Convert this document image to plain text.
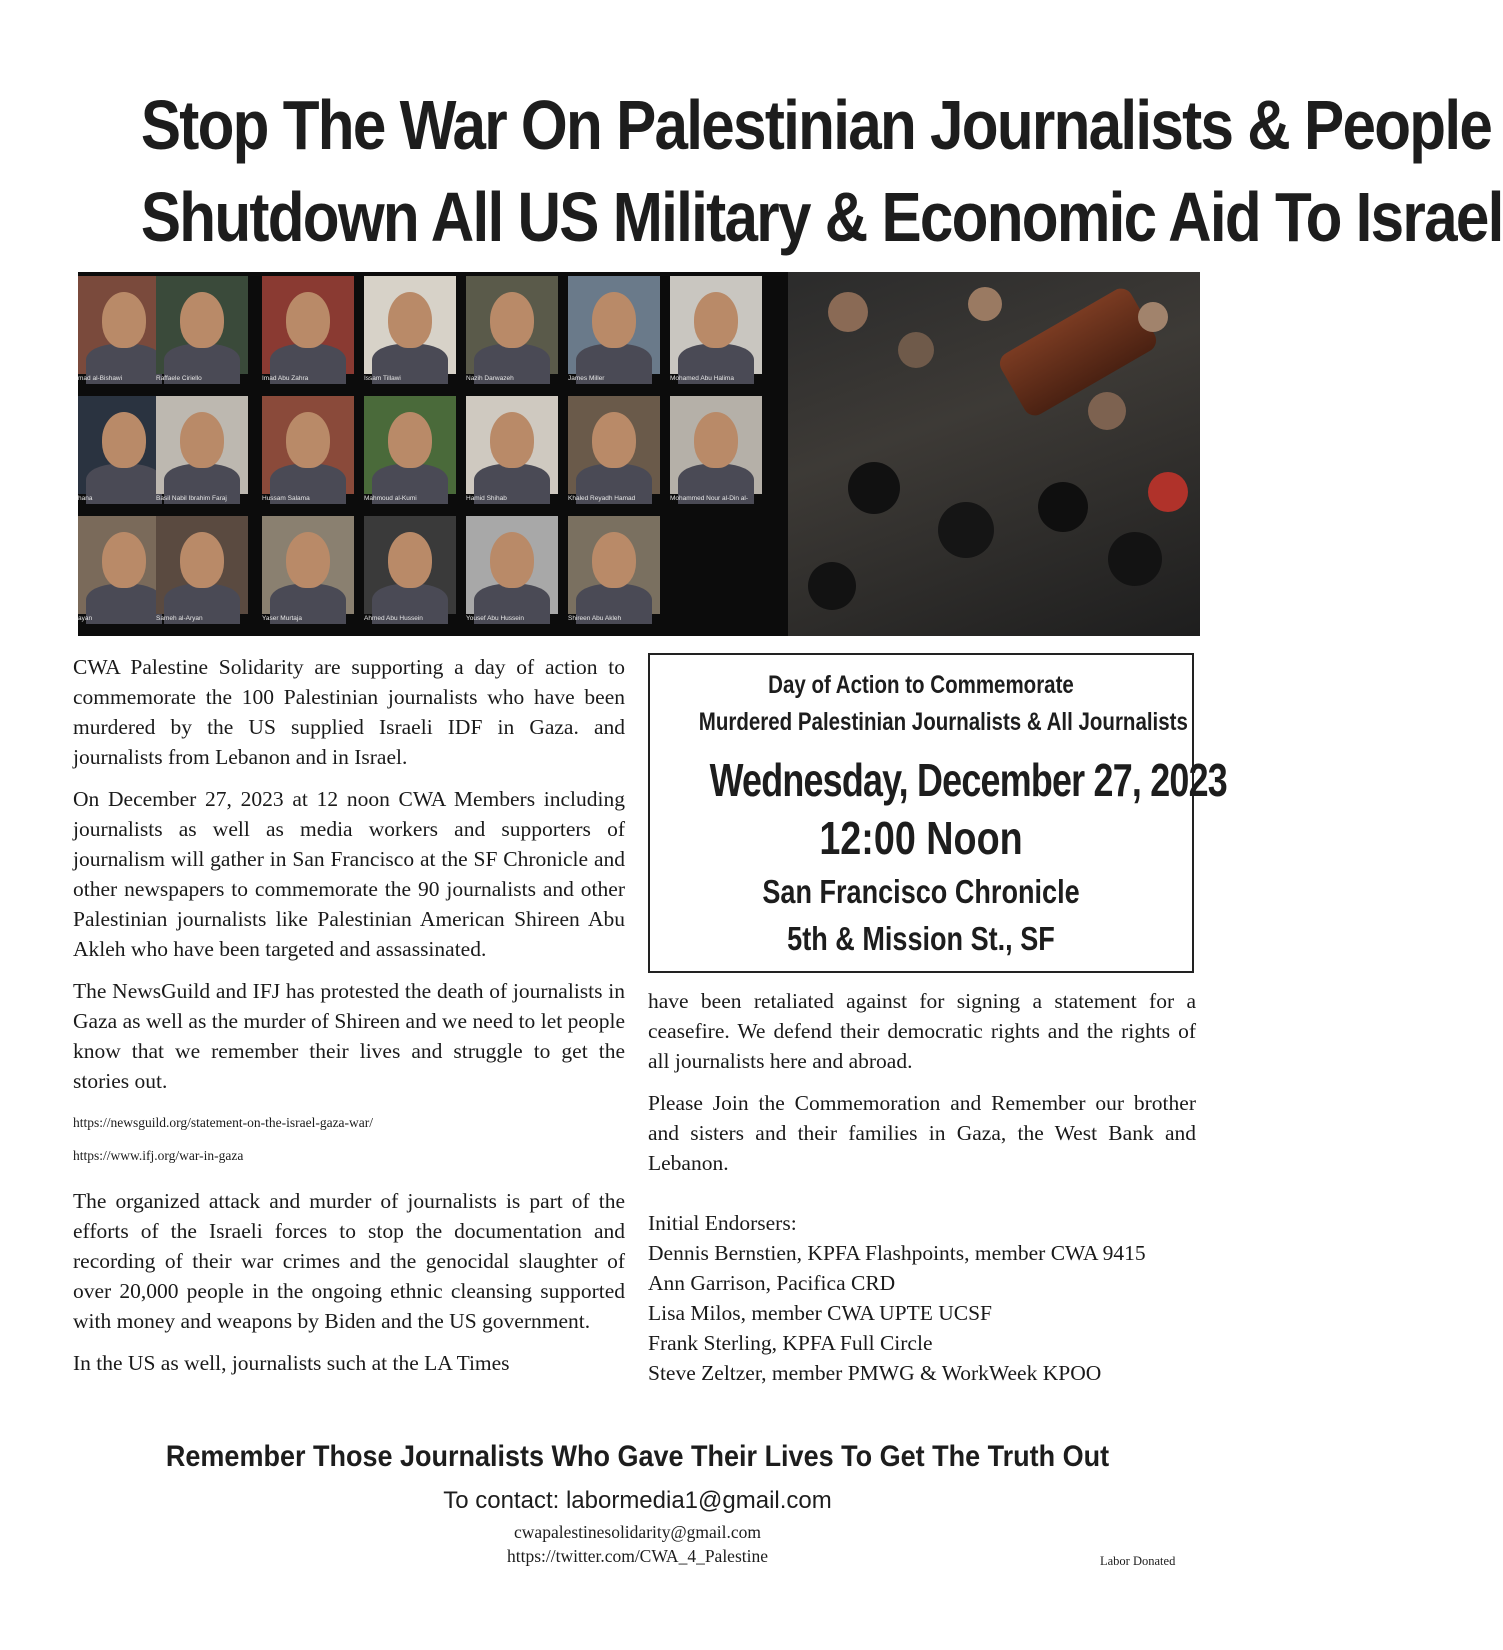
Stop The War On Palestinian Journalists & People
Shutdown All US Military & Economic Aid To Israel
mad al-Bishawi	Raffaele Ciriello	Imad Abu Zahra	Issam Tillawi	Nazih Darwazeh	James Miller	Mohamed Abu Halima
hana	Basil Nabil Ibrahim Faraj	Hussam Salama	Mahmoud al-Kumi	Hamid Shihab	Khaled Reyadh Hamad	Mohammed Nour al-Din al-
ayan	Sameh al-Aryan	Yaser Murtaja	Ahmed Abu Hussein	Yousef Abu Hussein	Shireen Abu Akleh

CWA Palestine Solidarity are supporting a day of action to commemorate the 100 Palestinian journalists who have been murdered by the US supplied Israeli IDF in Gaza. and journalists from Lebanon and in Israel.

On December 27, 2023 at 12 noon CWA Members including journalists as well as media workers and supporters of journalism will gather in San Francisco at the SF Chronicle and other newspapers to commemorate the 90 journalists and other Palestinian journalists like Palestinian American Shireen Abu Akleh who have been targeted and assassinated.

The NewsGuild and IFJ has protested the death of journalists in Gaza as well as the murder of Shireen and we need to let people know that we remember their lives and struggle to get the stories out.

https://newsguild.org/statement-on-the-israel-gaza-war/

https://www.ifj.org/war-in-gaza

The organized attack and murder of journalists is part of the efforts of the Israeli forces to stop the documentation and recording of their war crimes and the genocidal slaughter of over 20,000 people in the ongoing ethnic cleansing supported with money and weapons by Biden and the US government.

In the US as well, journalists such at the LA Times

Day of Action to Commemorate
Murdered Palestinian Journalists & All Journalists
Wednesday, December 27, 2023
12:00 Noon
San Francisco Chronicle
5th & Mission St., SF

have been retaliated against for signing a statement for a ceasefire. We defend their democratic rights and the rights of all journalists here and abroad.

Please Join the Commemoration and Remember our brother and sisters and their families in Gaza, the West Bank and Lebanon.

Initial Endorsers:
Dennis Bernstien, KPFA Flashpoints, member CWA 9415
Ann Garrison, Pacifica CRD
Lisa Milos, member CWA UPTE UCSF
Frank Sterling, KPFA Full Circle
Steve Zeltzer, member PMWG & WorkWeek KPOO
Remember Those Journalists Who Gave Their Lives To Get The Truth Out
To contact: labormedia1@gmail.com
cwapalestinesolidarity@gmail.com
https://twitter.com/CWA_4_Palestine	Labor Donated
